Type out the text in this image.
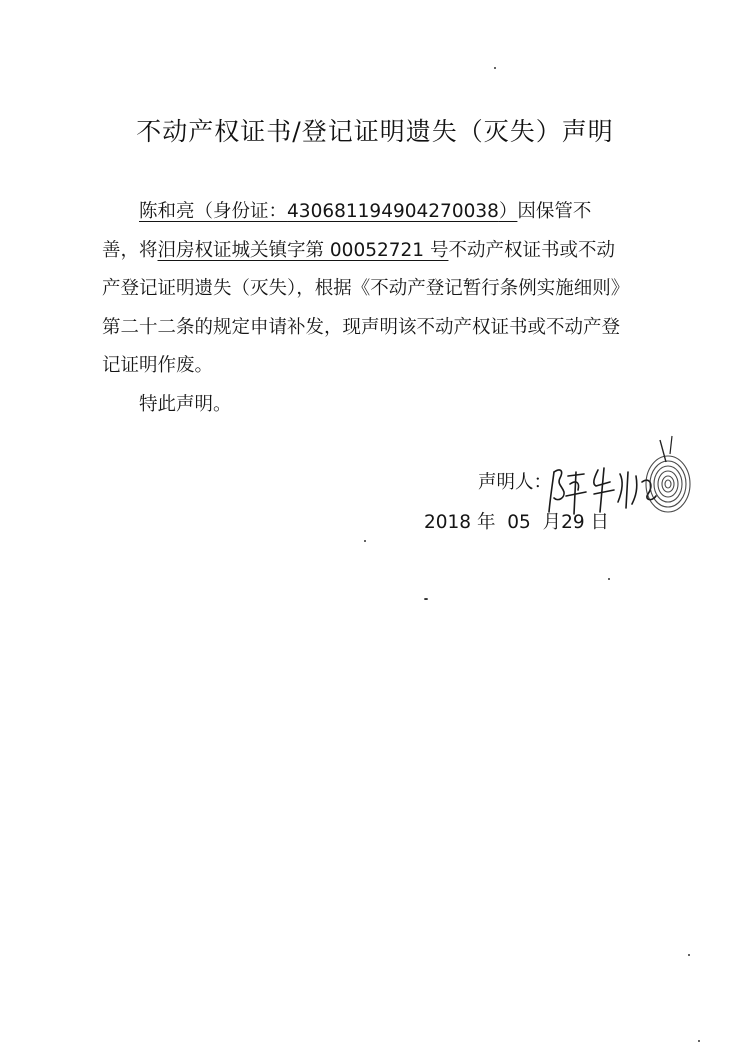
不动产权证书/登记证明遗失（灭失）声明

陈和亮（身份证：430681194904270038）因保管不善，将汨房权证城关镇字第 00052721 号不动产权证书或不动产登记证明遗失（灭失），根据《不动产登记暂行条例实施细则》第二十二条的规定申请补发，现声明该不动产权证书或不动产登记证明作废。

特此声明。

声明人：
2018 年 05 月29 日
